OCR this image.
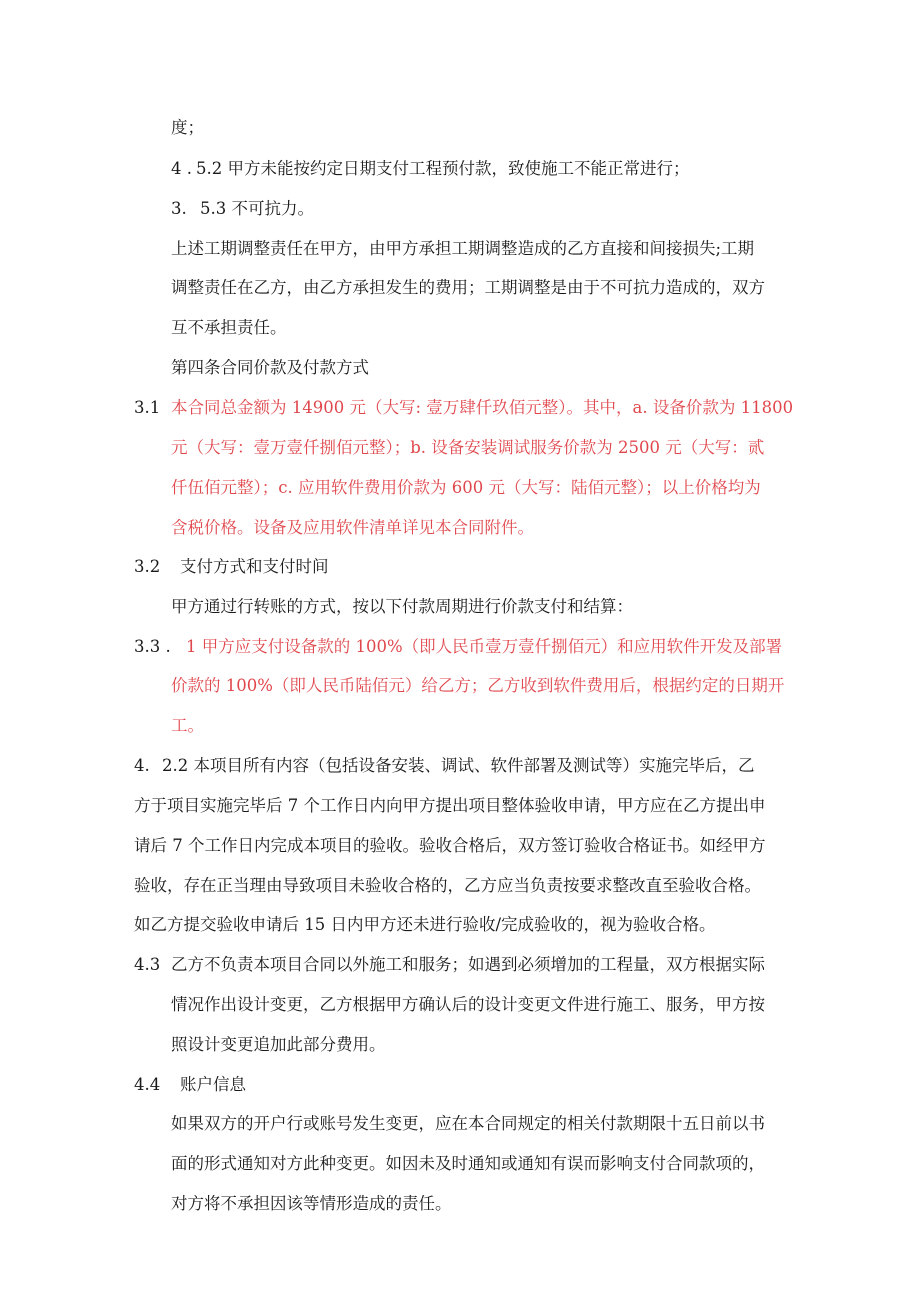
度；
4 . 5.2 甲方未能按约定日期支付工程预付款，致使施工不能正常进行；
3. 5.3 不可抗力。
上述工期调整责任在甲方，由甲方承担工期调整造成的乙方直接和间接损失;工期
调整责任在乙方，由乙方承担发生的费用；工期调整是由于不可抗力造成的，双方
互不承担责任。
第四条合同价款及付款方式
3.1 本合同总金额为 14900 元（大写: 壹万肆仟玖佰元整）。其中，a. 设备价款为 11800
元（大写：壹万壹仟捌佰元整）；b. 设备安装调试服务价款为 2500 元（大写：贰
仟伍佰元整）；c. 应用软件费用价款为 600 元（大写：陆佰元整）；以上价格均为
含税价格。设备及应用软件清单详见本合同附件。
3.2 支付方式和支付时间
甲方通过行转账的方式，按以下付款周期进行价款支付和结算：
3.3 . 1 甲方应支付设备款的 100%（即人民币壹万壹仟捌佰元）和应用软件开发及部署
价款的 100%（即人民币陆佰元）给乙方；乙方收到软件费用后，根据约定的日期开
工。
4. 2.2 本项目所有内容（包括设备安装、调试、软件部署及测试等）实施完毕后，乙
方于项目实施完毕后 7 个工作日内向甲方提出项目整体验收申请，甲方应在乙方提出申
请后 7 个工作日内完成本项目的验收。验收合格后，双方签订验收合格证书。如经甲方
验收，存在正当理由导致项目未验收合格的，乙方应当负责按要求整改直至验收合格。
如乙方提交验收申请后 15 日内甲方还未进行验收/完成验收的，视为验收合格。
4.3 乙方不负责本项目合同以外施工和服务；如遇到必须增加的工程量，双方根据实际
情况作出设计变更，乙方根据甲方确认后的设计变更文件进行施工、服务，甲方按
照设计变更追加此部分费用。
4.4 账户信息
如果双方的开户行或账号发生变更，应在本合同规定的相关付款期限十五日前以书
面的形式通知对方此种变更。如因未及时通知或通知有误而影响支付合同款项的，
对方将不承担因该等情形造成的责任。
